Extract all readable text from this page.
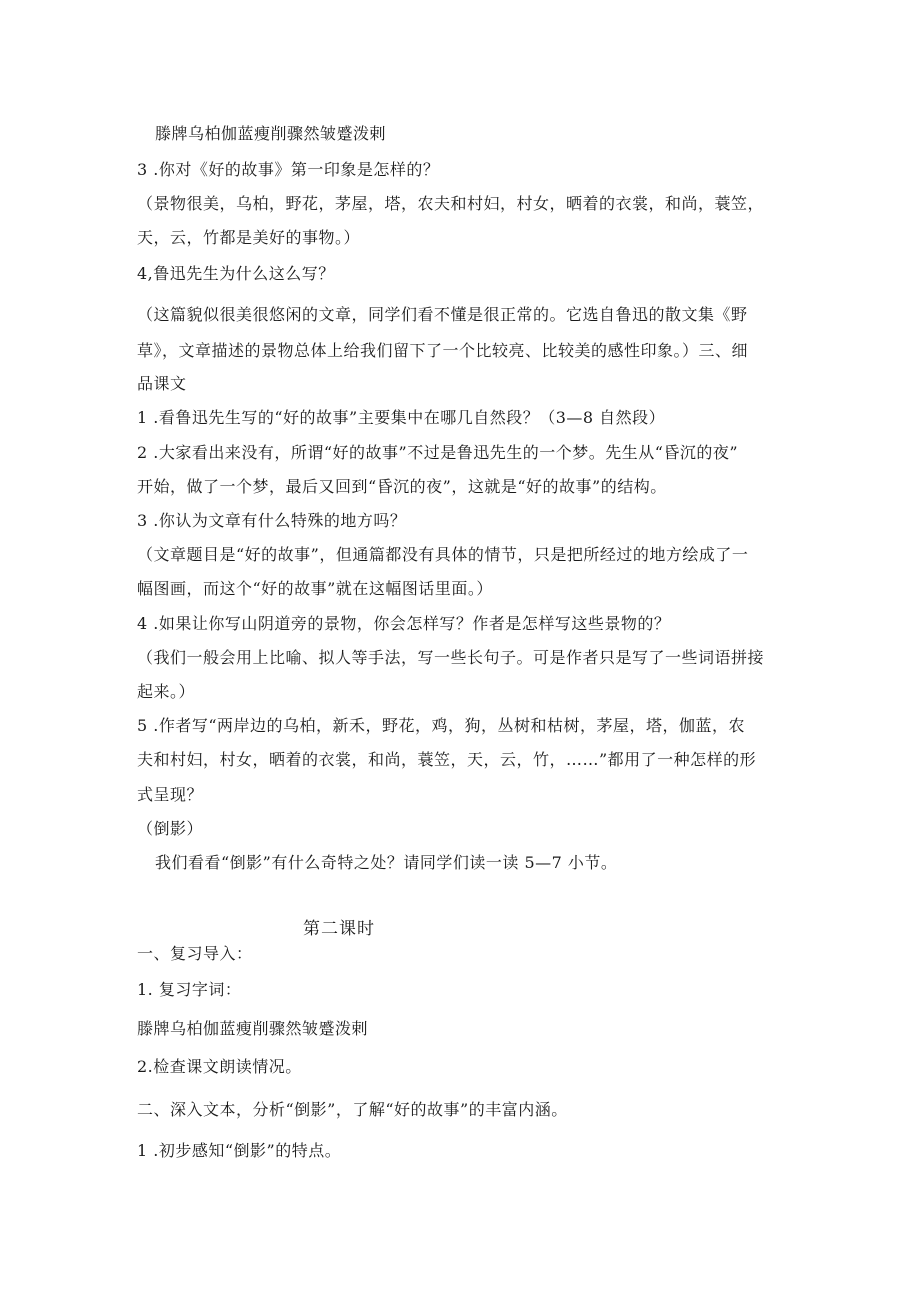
滕牌乌柏伽蓝瘦削骤然皱蹙泼剌
3 .你对《好的故事》第一印象是怎样的？
（景物很美，乌柏，野花，茅屋，塔，农夫和村妇，村女，晒着的衣裳，和尚，蓑笠，
天，云，竹都是美好的事物。）
4,鲁迅先生为什么这么写？
（这篇貌似很美很悠闲的文章，同学们看不懂是很正常的。它选自鲁迅的散文集《野
草》，文章描述的景物总体上给我们留下了一个比较亮、比较美的感性印象。）三、细
品课文
1 .看鲁迅先生写的“好的故事”主要集中在哪几自然段？（3—8 自然段）
2 .大家看出来没有，所谓“好的故事”不过是鲁迅先生的一个梦。先生从“昏沉的夜”
开始，做了一个梦，最后又回到“昏沉的夜”，这就是“好的故事”的结构。
3 .你认为文章有什么特殊的地方吗？
（文章题目是“好的故事”，但通篇都没有具体的情节，只是把所经过的地方绘成了一
幅图画，而这个“好的故事”就在这幅图话里面。）
4 .如果让你写山阴道旁的景物，你会怎样写？作者是怎样写这些景物的？
（我们一般会用上比喻、拟人等手法，写一些长句子。可是作者只是写了一些词语拼接
起来。）
5 .作者写“两岸边的乌柏，新禾，野花，鸡，狗，丛树和枯树，茅屋，塔，伽蓝，农
夫和村妇，村女，晒着的衣裳，和尚，蓑笠，天，云，竹，……”都用了一种怎样的形
式呈现？
（倒影）
我们看看“倒影”有什么奇特之处？请同学们读一读 5—7 小节。
第二课时
一、复习导入：
1. 复习字词：
滕牌乌柏伽蓝瘦削骤然皱蹙泼剌
2.检查课文朗读情况。
二、深入文本，分析“倒影”，了解“好的故事”的丰富内涵。
1 .初步感知“倒影”的特点。
